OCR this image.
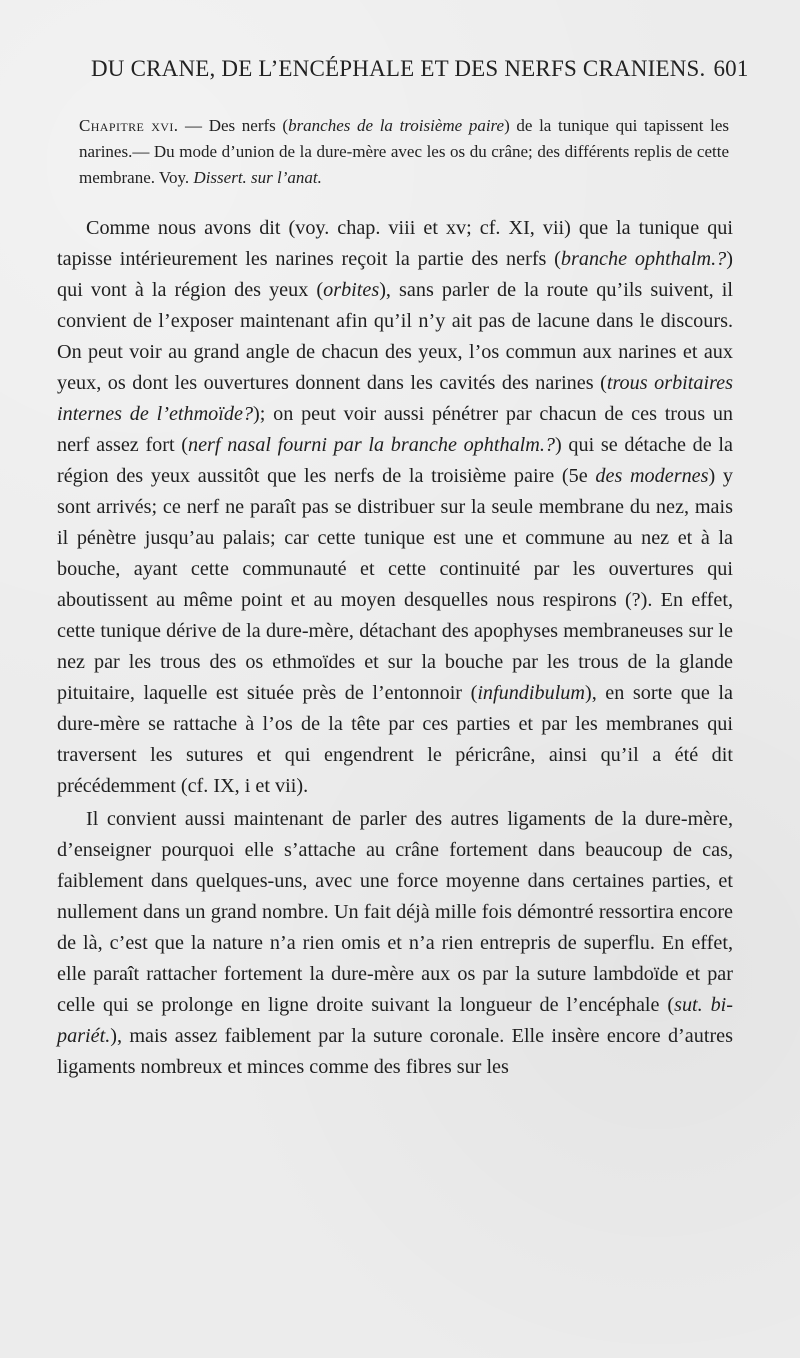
DU CRANE, DE L’ENCÉPHALE ET DES NERFS CRANIENS. 601

Chapitre xvi. — Des nerfs (branches de la troisième paire) de la tunique qui tapissent les narines.— Du mode d’union de la dure-mère avec les os du crâne; des différents replis de cette membrane. Voy. Dissert. sur l’anat.

Comme nous avons dit (voy. chap. viii et xv; cf. XI, vii) que la tunique qui tapisse intérieurement les narines reçoit la partie des nerfs (branche ophthalm.?) qui vont à la région des yeux (orbites), sans parler de la route qu’ils suivent, il convient de l’exposer maintenant afin qu’il n’y ait pas de lacune dans le discours. On peut voir au grand angle de chacun des yeux, l’os commun aux narines et aux yeux, os dont les ouvertures donnent dans les cavités des narines (trous orbitaires internes de l’ethmoïde?); on peut voir aussi pénétrer par chacun de ces trous un nerf assez fort (nerf nasal fourni par la branche ophthalm.?) qui se détache de la région des yeux aussitôt que les nerfs de la troisième paire (5e des modernes) y sont arrivés; ce nerf ne paraît pas se distribuer sur la seule membrane du nez, mais il pénètre jusqu’au palais; car cette tunique est une et commune au nez et à la bouche, ayant cette communauté et cette continuité par les ouvertures qui aboutissent au même point et au moyen desquelles nous respirons (?). En effet, cette tunique dérive de la dure-mère, détachant des apophyses membraneuses sur le nez par les trous des os ethmoïdes et sur la bouche par les trous de la glande pituitaire, laquelle est située près de l’entonnoir (infundibulum), en sorte que la dure-mère se rattache à l’os de la tête par ces parties et par les membranes qui traversent les sutures et qui engendrent le péricrâne, ainsi qu’il a été dit précédemment (cf. IX, i et vii).

Il convient aussi maintenant de parler des autres ligaments de la dure-mère, d’enseigner pourquoi elle s’attache au crâne fortement dans beaucoup de cas, faiblement dans quelques-uns, avec une force moyenne dans certaines parties, et nullement dans un grand nombre. Un fait déjà mille fois démontré ressortira encore de là, c’est que la nature n’a rien omis et n’a rien entrepris de superflu. En effet, elle paraît rattacher fortement la dure-mère aux os par la suture lambdoïde et par celle qui se prolonge en ligne droite suivant la longueur de l’encéphale (sut. bi-pariét.), mais assez faiblement par la suture coronale. Elle insère encore d’autres ligaments nombreux et minces comme des fibres sur les
